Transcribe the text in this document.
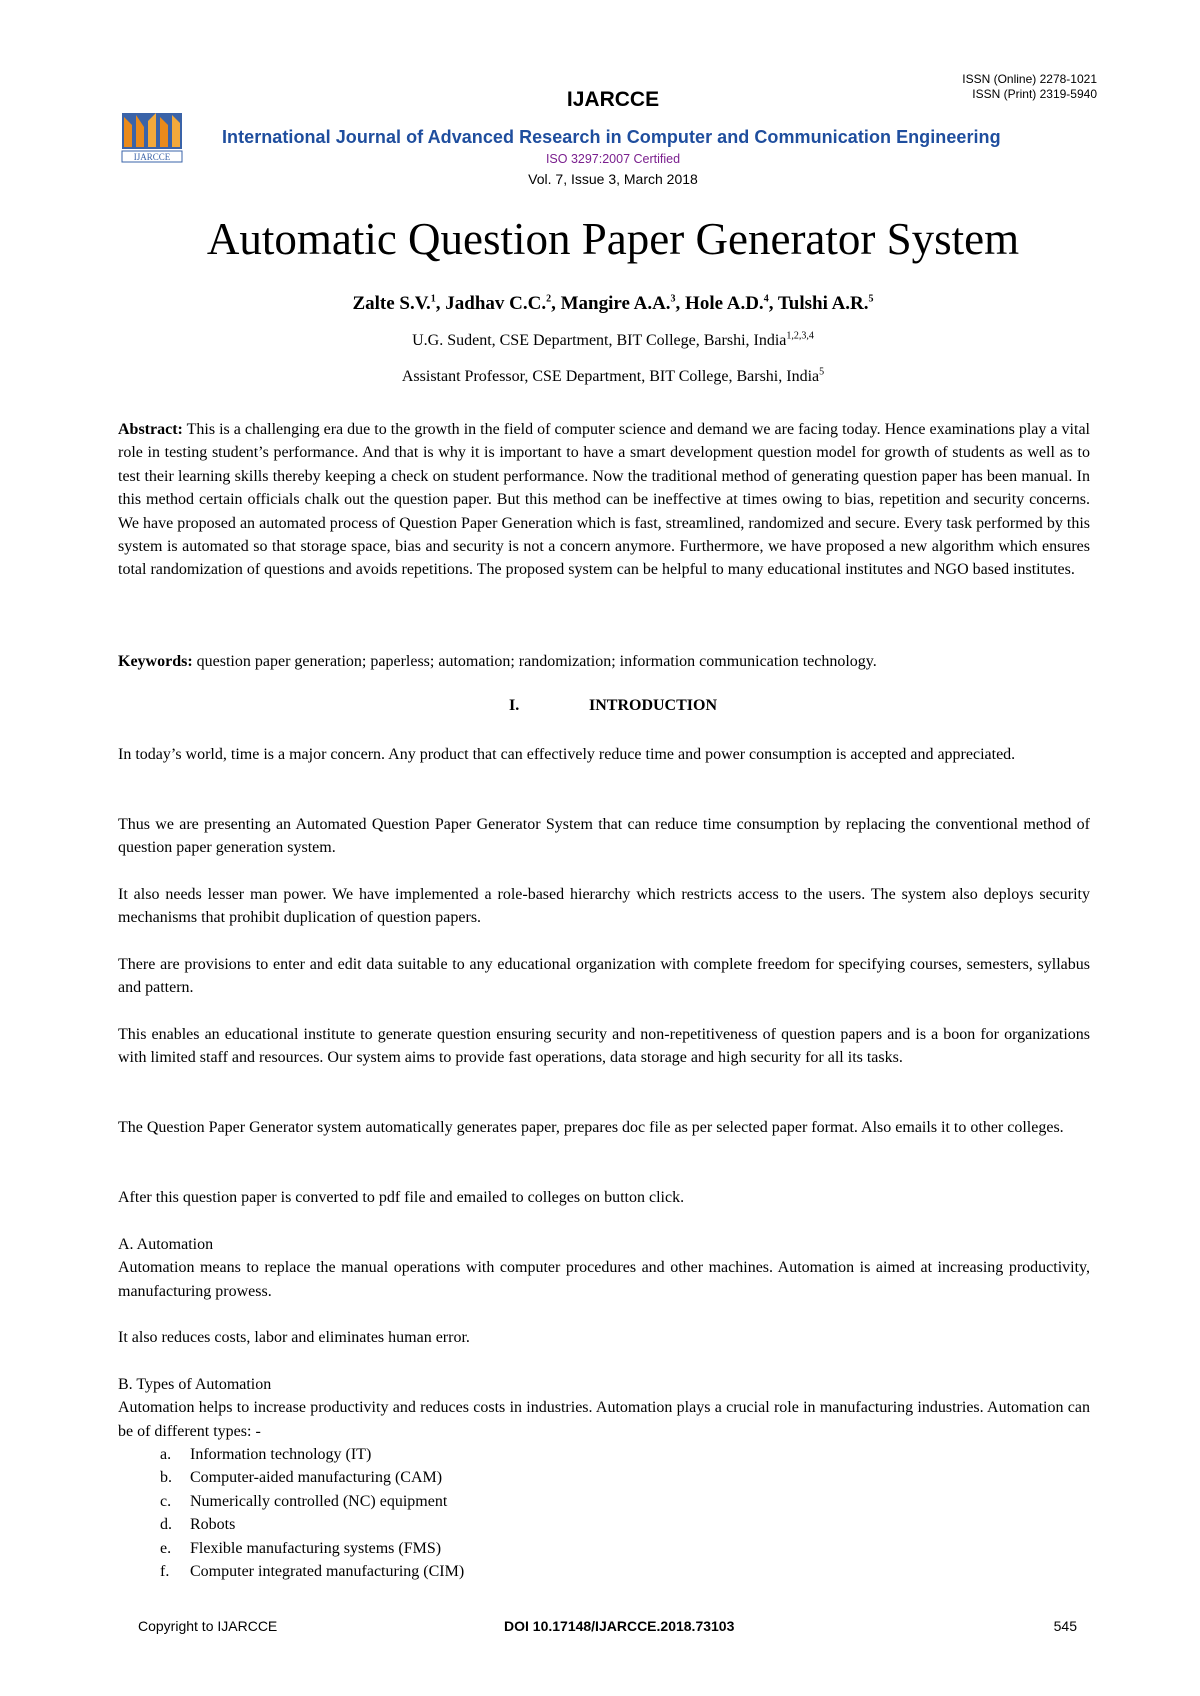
ISSN (Online) 2278-1021
ISSN (Print) 2319-5940
IJARCCE
IJARCCE
International Journal of Advanced Research in Computer and Communication Engineering
ISO 3297:2007 Certified
Vol. 7, Issue 3, March 2018
Automatic Question Paper Generator System
Zalte S.V.$^1$, Jadhav C.C.$^2$, Mangire A.A.$^3$, Hole A.D.$^4$, Tulshi A.R.$^5$
U.G. Sudent, CSE Department, BIT College, Barshi, India$^{1,2,3,4}$
Assistant Professor, CSE Department, BIT College, Barshi, India$^5$

Abstract: This is a challenging era due to the growth in the field of computer science and demand we are facing today. Hence examinations play a vital role in testing student’s performance. And that is why it is important to have a smart development question model for growth of students as well as to test their learning skills thereby keeping a check on student performance. Now the traditional method of generating question paper has been manual. In this method certain officials chalk out the question paper. But this method can be ineffective at times owing to bias, repetition and security concerns. We have proposed an automated process of Question Paper Generation which is fast, streamlined, randomized and secure. Every task performed by this system is automated so that storage space, bias and security is not a concern anymore. Furthermore, we have proposed a new algorithm which ensures total randomization of questions and avoids repetitions. The proposed system can be helpful to many educational institutes and NGO based institutes.

Keywords: question paper generation; paperless; automation; randomization; information communication technology.

I.	INTRODUCTION
In today’s world, time is a major concern. Any product that can effectively reduce time and power consumption is accepted and appreciated.
Thus we are presenting an Automated Question Paper Generator System that can reduce time consumption by replacing the conventional method of question paper generation system.
It also needs lesser man power. We have implemented a role-based hierarchy which restricts access to the users. The system also deploys security mechanisms that prohibit duplication of question papers.
There are provisions to enter and edit data suitable to any educational organization with complete freedom for specifying courses, semesters, syllabus and pattern.
This enables an educational institute to generate question ensuring security and non-repetitiveness of question papers and is a boon for organizations with limited staff and resources. Our system aims to provide fast operations, data storage and high security for all its tasks.
The Question Paper Generator system automatically generates paper, prepares doc file as per selected paper format. Also emails it to other colleges.
After this question paper is converted to pdf file and emailed to colleges on button click.
A. Automation
Automation means to replace the manual operations with computer procedures and other machines. Automation is aimed at increasing productivity, manufacturing prowess.
It also reduces costs, labor and eliminates human error.
B. Types of Automation
Automation helps to increase productivity and reduces costs in industries. Automation plays a crucial role in manufacturing industries. Automation can be of different types: -
a.	Information technology (IT)
b.	Computer-aided manufacturing (CAM)
c.	Numerically controlled (NC) equipment
d.	Robots
e.	Flexible manufacturing systems (FMS)
f.	Computer integrated manufacturing (CIM)
Copyright to IJARCCE	DOI 10.17148/IJARCCE.2018.73103	545
